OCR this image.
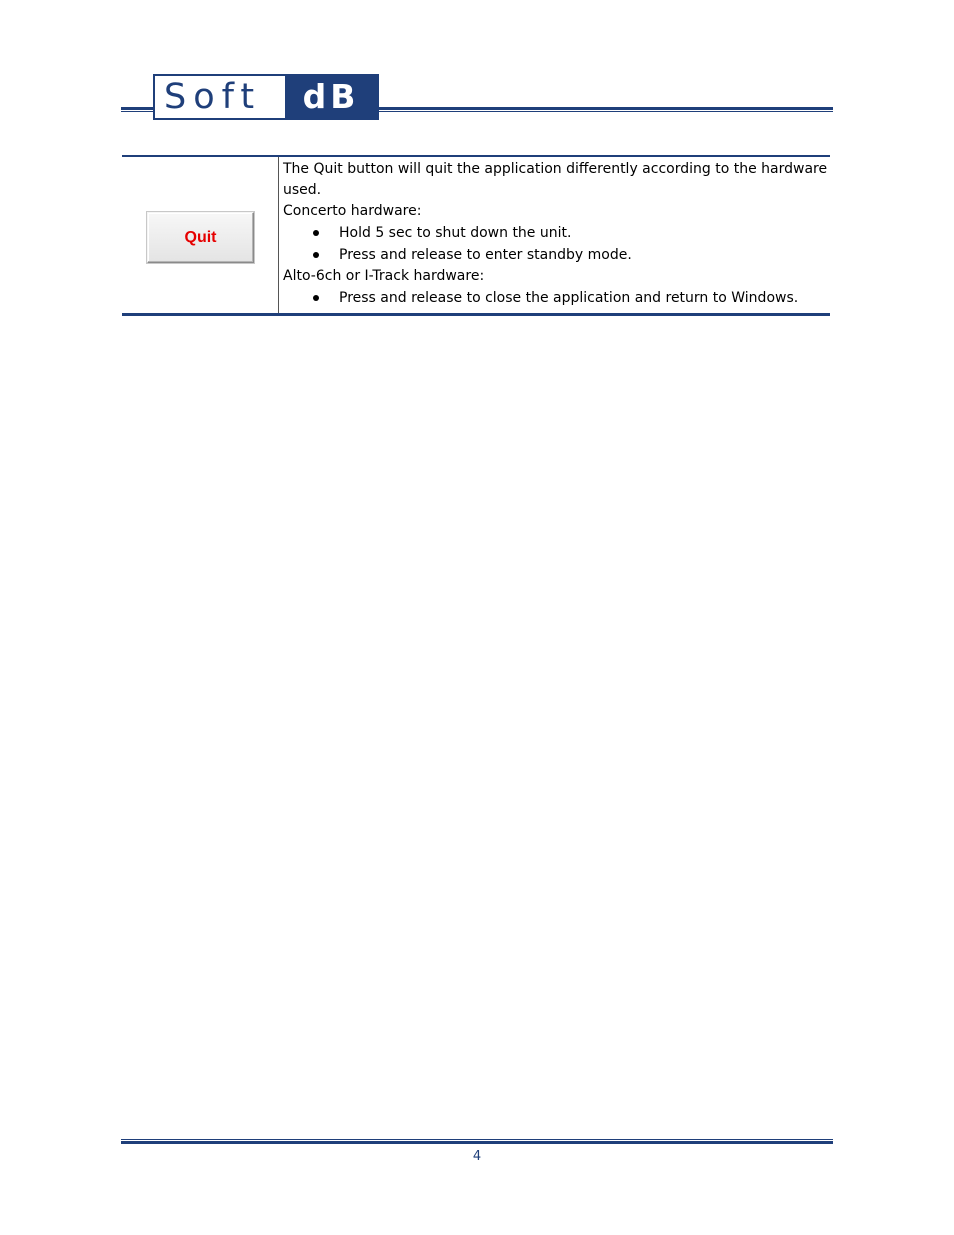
Soft	dB
Quit

The Quit button will quit the application differently according to the hardware used.

Concerto hardware:

Hold 5 sec to shut down the unit.
Press and release to enter standby mode.

Alto-6ch or I-Track hardware:

Press and release to close the application and return to Windows.
4
